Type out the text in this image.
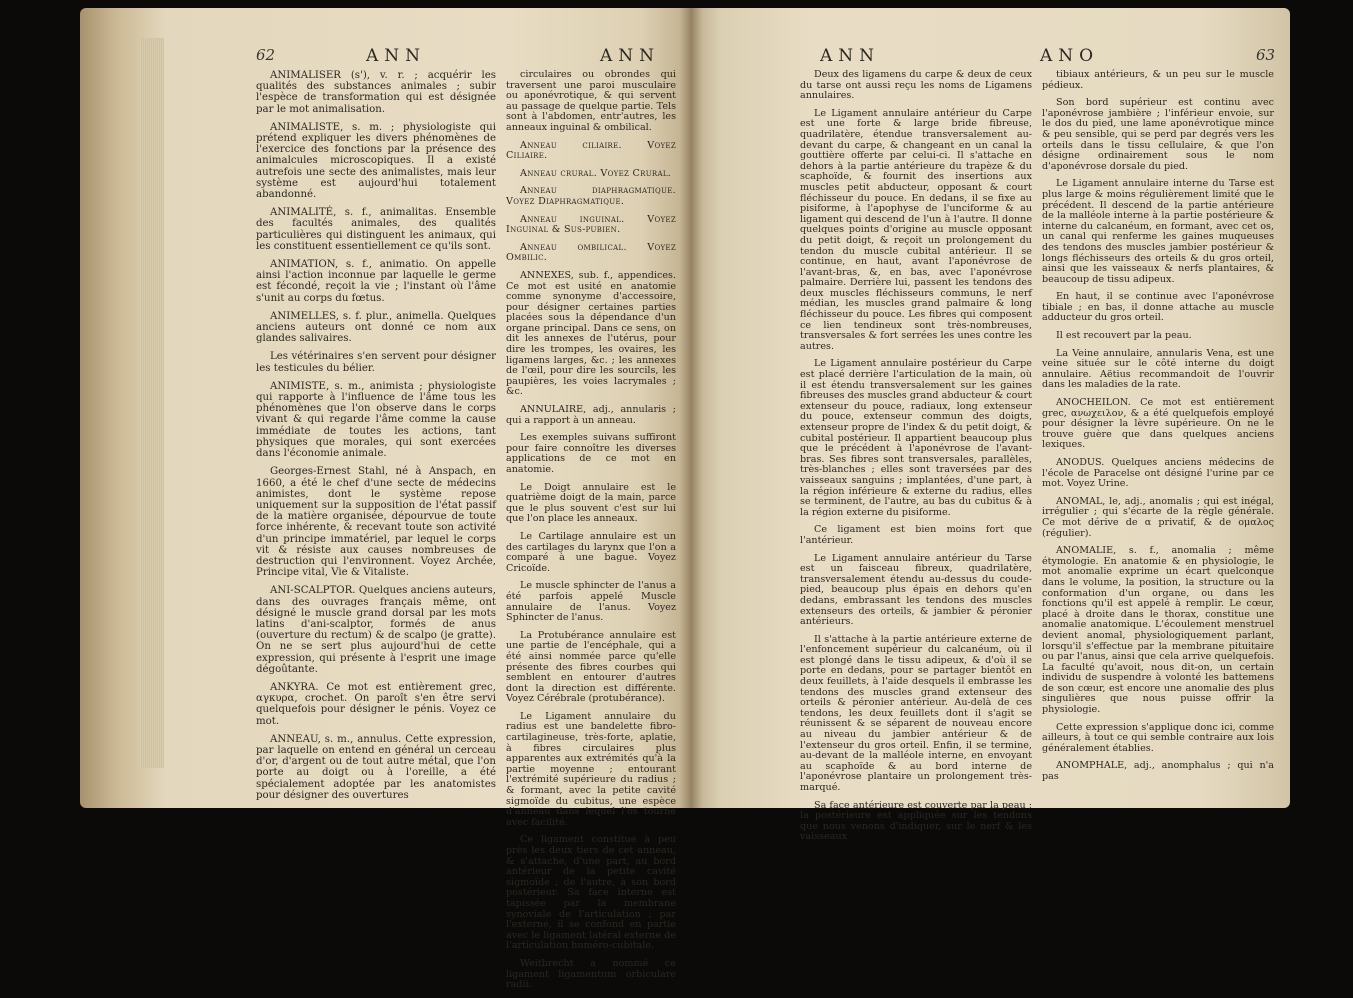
62	ANN	ANN

ANIMALISER (s'), v. r. ; acquérir les qualités des substances animales ; subir l'espèce de transformation qui est désignée par le mot animalisation.

ANIMALISTE, s. m. ; physiologiste qui prétend expliquer les divers phénomènes de l'exercice des fonctions par la présence des animalcules microscopiques. Il a existé autrefois une secte des animalistes, mais leur système est aujourd'hui totalement abandonné.

ANIMALITÉ, s. f., animalitas. Ensemble des facultés animales, des qualités particulières qui distinguent les animaux, qui les constituent essentiellement ce qu'ils sont.

ANIMATION, s. f., animatio. On appelle ainsi l'action inconnue par laquelle le germe est fécondé, reçoit la vie ; l'instant où l'âme s'unit au corps du fœtus.

ANIMELLES, s. f. plur., animella. Quelques anciens auteurs ont donné ce nom aux glandes salivaires.

Les vétérinaires s'en servent pour désigner les testicules du bélier.

ANIMISTE, s. m., animista ; physiologiste qui rapporte à l'influence de l'âme tous les phénomènes que l'on observe dans le corps vivant & qui regarde l'âme comme la cause immédiate de toutes les actions, tant physiques que morales, qui sont exercées dans l'économie animale.

Georges-Ernest Stahl, né à Anspach, en 1660, a été le chef d'une secte de médecins animistes, dont le système repose uniquement sur la supposition de l'état passif de la matière organisée, dépourvue de toute force inhérente, & recevant toute son activité d'un principe immatériel, par lequel le corps vit & résiste aux causes nombreuses de destruction qui l'environnent. Voyez Archée, Principe vital, Vie & Vitaliste.

ANI-SCALPTOR. Quelques anciens auteurs, dans des ouvrages français même, ont désigné le muscle grand dorsal par les mots latins d'ani-scalptor, formés de anus (ouverture du rectum) & de scalpo (je gratte). On ne se sert plus aujourd'hui de cette expression, qui présente à l'esprit une image dégoûtante.

ANKYRA. Ce mot est entièrement grec, αγκυρα, crochet. On paroît s'en être servi quelquefois pour désigner le pénis. Voyez ce mot.

ANNEAU, s. m., annulus. Cette expression, par laquelle on entend en général un cerceau d'or, d'argent ou de tout autre métal, que l'on porte au doigt ou à l'oreille, a été spécialement adoptée par les anatomistes pour désigner des ouvertures

circulaires ou obrondes qui traversent une paroi musculaire ou aponévrotique, & qui servent au passage de quelque partie. Tels sont à l'abdomen, entr'autres, les anneaux inguinal & ombilical.

Anneau ciliaire. Voyez Ciliaire.

Anneau crural. Voyez Crural.

Anneau diaphragmatique. Voyez Diaphragmatique.

Anneau inguinal. Voyez Inguinal & Sus-pubien.

Anneau ombilical. Voyez Ombilic.

ANNEXES, sub. f., appendices. Ce mot est usité en anatomie comme synonyme d'accessoire, pour désigner certaines parties placées sous la dépendance d'un organe principal. Dans ce sens, on dit les annexes de l'utérus, pour dire les trompes, les ovaires, les ligamens larges, &c. ; les annexes de l'œil, pour dire les sourcils, les paupières, les voies lacrymales ; &c.

ANNULAIRE, adj., annularis ; qui a rapport à un anneau.

Les exemples suivans suffiront pour faire connoître les diverses applications de ce mot en anatomie.

Le Doigt annulaire est le quatrième doigt de la main, parce que le plus souvent c'est sur lui que l'on place les anneaux.

Le Cartilage annulaire est un des cartilages du larynx que l'on a comparé à une bague. Voyez Cricoïde.

Le muscle sphincter de l'anus a été parfois appelé Muscle annulaire de l'anus. Voyez Sphincter de l'anus.

La Protubérance annulaire est une partie de l'encéphale, qui a été ainsi nommée parce qu'elle présente des fibres courbes qui semblent en entourer d'autres dont la direction est différente. Voyez Cérébrale (protubérance).

Le Ligament annulaire du radius est une bandelette fibro-cartilagineuse, très-forte, aplatie, à fibres circulaires plus apparentes aux extrémités qu'à la partie moyenne ; entourant l'extrémité supérieure du radius ; & formant, avec la petite cavité sigmoïde du cubitus, une espèce d'anneau dans lequel l'os tourne avec facilité.

Ce ligament constitue à peu près les deux tiers de cet anneau, & s'attache, d'une part, au bord antérieur de la petite cavité sigmoïde ; de l'autre, à son bord postérieur. Sa face interne est tapissée par la membrane synoviale de l'articulation ; par l'externe, il se confond en partie avec le ligament latéral externe de l'articulation huméro-cubitale.

Weitbrecht a nommé ce ligament ligamentum orbiculare radii.

ANN	ANO	63

Deux des ligamens du carpe & deux de ceux du tarse ont aussi reçu les noms de Ligamens annulaires.

Le Ligament annulaire antérieur du Carpe est une forte & large bride fibreuse, quadrilatère, étendue transversalement au-devant du carpe, & changeant en un canal la gouttière offerte par celui-ci. Il s'attache en dehors à la partie antérieure du trapèze & du scaphoïde, & fournit des insertions aux muscles petit abducteur, opposant & court fléchisseur du pouce. En dedans, il se fixe au pisiforme, à l'apophyse de l'unciforme & au ligament qui descend de l'un à l'autre. Il donne quelques points d'origine au muscle opposant du petit doigt, & reçoit un prolongement du tendon du muscle cubital antérieur. Il se continue, en haut, avant l'aponévrose de l'avant-bras, &, en bas, avec l'aponévrose palmaire. Derrière lui, passent les tendons des deux muscles fléchisseurs communs, le nerf médian, les muscles grand palmaire & long fléchisseur du pouce. Les fibres qui composent ce lien tendineux sont très-nombreuses, transversales & fort serrées les unes contre les autres.

Le Ligament annulaire postérieur du Carpe est placé derrière l'articulation de la main, où il est étendu transversalement sur les gaines fibreuses des muscles grand abducteur & court extenseur du pouce, radiaux, long extenseur du pouce, extenseur commun des doigts, extenseur propre de l'index & du petit doigt, & cubital postérieur. Il appartient beaucoup plus que le précédent à l'aponévrose de l'avant-bras. Ses fibres sont transversales, parallèles, très-blanches ; elles sont traversées par des vaisseaux sanguins ; implantées, d'une part, à la région inférieure & externe du radius, elles se terminent, de l'autre, au bas du cubitus & à la région externe du pisiforme.

Ce ligament est bien moins fort que l'antérieur.

Le Ligament annulaire antérieur du Tarse est un faisceau fibreux, quadrilatère, transversalement étendu au-dessus du coude-pied, beaucoup plus épais en dehors qu'en dedans, embrassant les tendons des muscles extenseurs des orteils, & jambier & péronier antérieurs.

Il s'attache à la partie antérieure externe de l'enfoncement supérieur du calcanéum, où il est plongé dans le tissu adipeux, & d'où il se porte en dedans, pour se partager bientôt en deux feuillets, à l'aide desquels il embrasse les tendons des muscles grand extenseur des orteils & péronier antérieur. Au-delà de ces tendons, les deux feuillets dont il s'agit se réunissent & se séparent de nouveau encore au niveau du jambier antérieur & de l'extenseur du gros orteil. Enfin, il se termine, au-devant de la malléole interne, en envoyant au scaphoïde & au bord interne de l'aponévrose plantaire un prolongement très-marqué.

Sa face antérieure est couverte par la peau ; la postérieure est appliquée sur les tendons que nous venons d'indiquer, sur le nerf & les vaisseaux

tibiaux antérieurs, & un peu sur le muscle pédieux.

Son bord supérieur est continu avec l'aponévrose jambière ; l'inférieur envoie, sur le dos du pied, une lame aponévrotique mince & peu sensible, qui se perd par degrés vers les orteils dans le tissu cellulaire, & que l'on désigne ordinairement sous le nom d'aponévrose dorsale du pied.

Le Ligament annulaire interne du Tarse est plus large & moins régulièrement limité que le précédent. Il descend de la partie antérieure de la malléole interne à la partie postérieure & interne du calcanéum, en formant, avec cet os, un canal qui renferme les gaines muqueuses des tendons des muscles jambier postérieur & longs fléchisseurs des orteils & du gros orteil, ainsi que les vaisseaux & nerfs plantaires, & beaucoup de tissu adipeux.

En haut, il se continue avec l'aponévrose tibiale ; en bas, il donne attache au muscle adducteur du gros orteil.

Il est recouvert par la peau.

La Veine annulaire, annularis Vena, est une veine située sur le côté interne du doigt annulaire. Aëtius recommandoit de l'ouvrir dans les maladies de la rate.

ANOCHEILON. Ce mot est entièrement grec, ανωχειλον, & a été quelquefois employé pour désigner la lèvre supérieure. On ne le trouve guère que dans quelques anciens lexiques.

ANODUS. Quelques anciens médecins de l'école de Paracelse ont désigné l'urine par ce mot. Voyez Urine.

ANOMAL, le, adj., anomalis ; qui est inégal, irrégulier ; qui s'écarte de la règle générale. Ce mot dérive de α privatif, & de ομαλος (régulier).

ANOMALIE, s. f., anomalia ; même étymologie. En anatomie & en physiologie, le mot anomalie exprime un écart quelconque dans le volume, la position, la structure ou la conformation d'un organe, ou dans les fonctions qu'il est appelé à remplir. Le cœur, placé à droite dans le thorax, constitue une anomalie anatomique. L'écoulement menstruel devient anomal, physiologiquement parlant, lorsqu'il s'effectue par la membrane pituitaire ou par l'anus, ainsi que cela arrive quelquefois. La faculté qu'avoit, nous dit-on, un certain individu de suspendre à volonté les battemens de son cœur, est encore une anomalie des plus singulières que nous puisse offrir la physiologie.

Cette expression s'applique donc ici, comme ailleurs, à tout ce qui semble contraire aux lois généralement établies.

ANOMPHALE, adj., anomphalus ; qui n'a pas
